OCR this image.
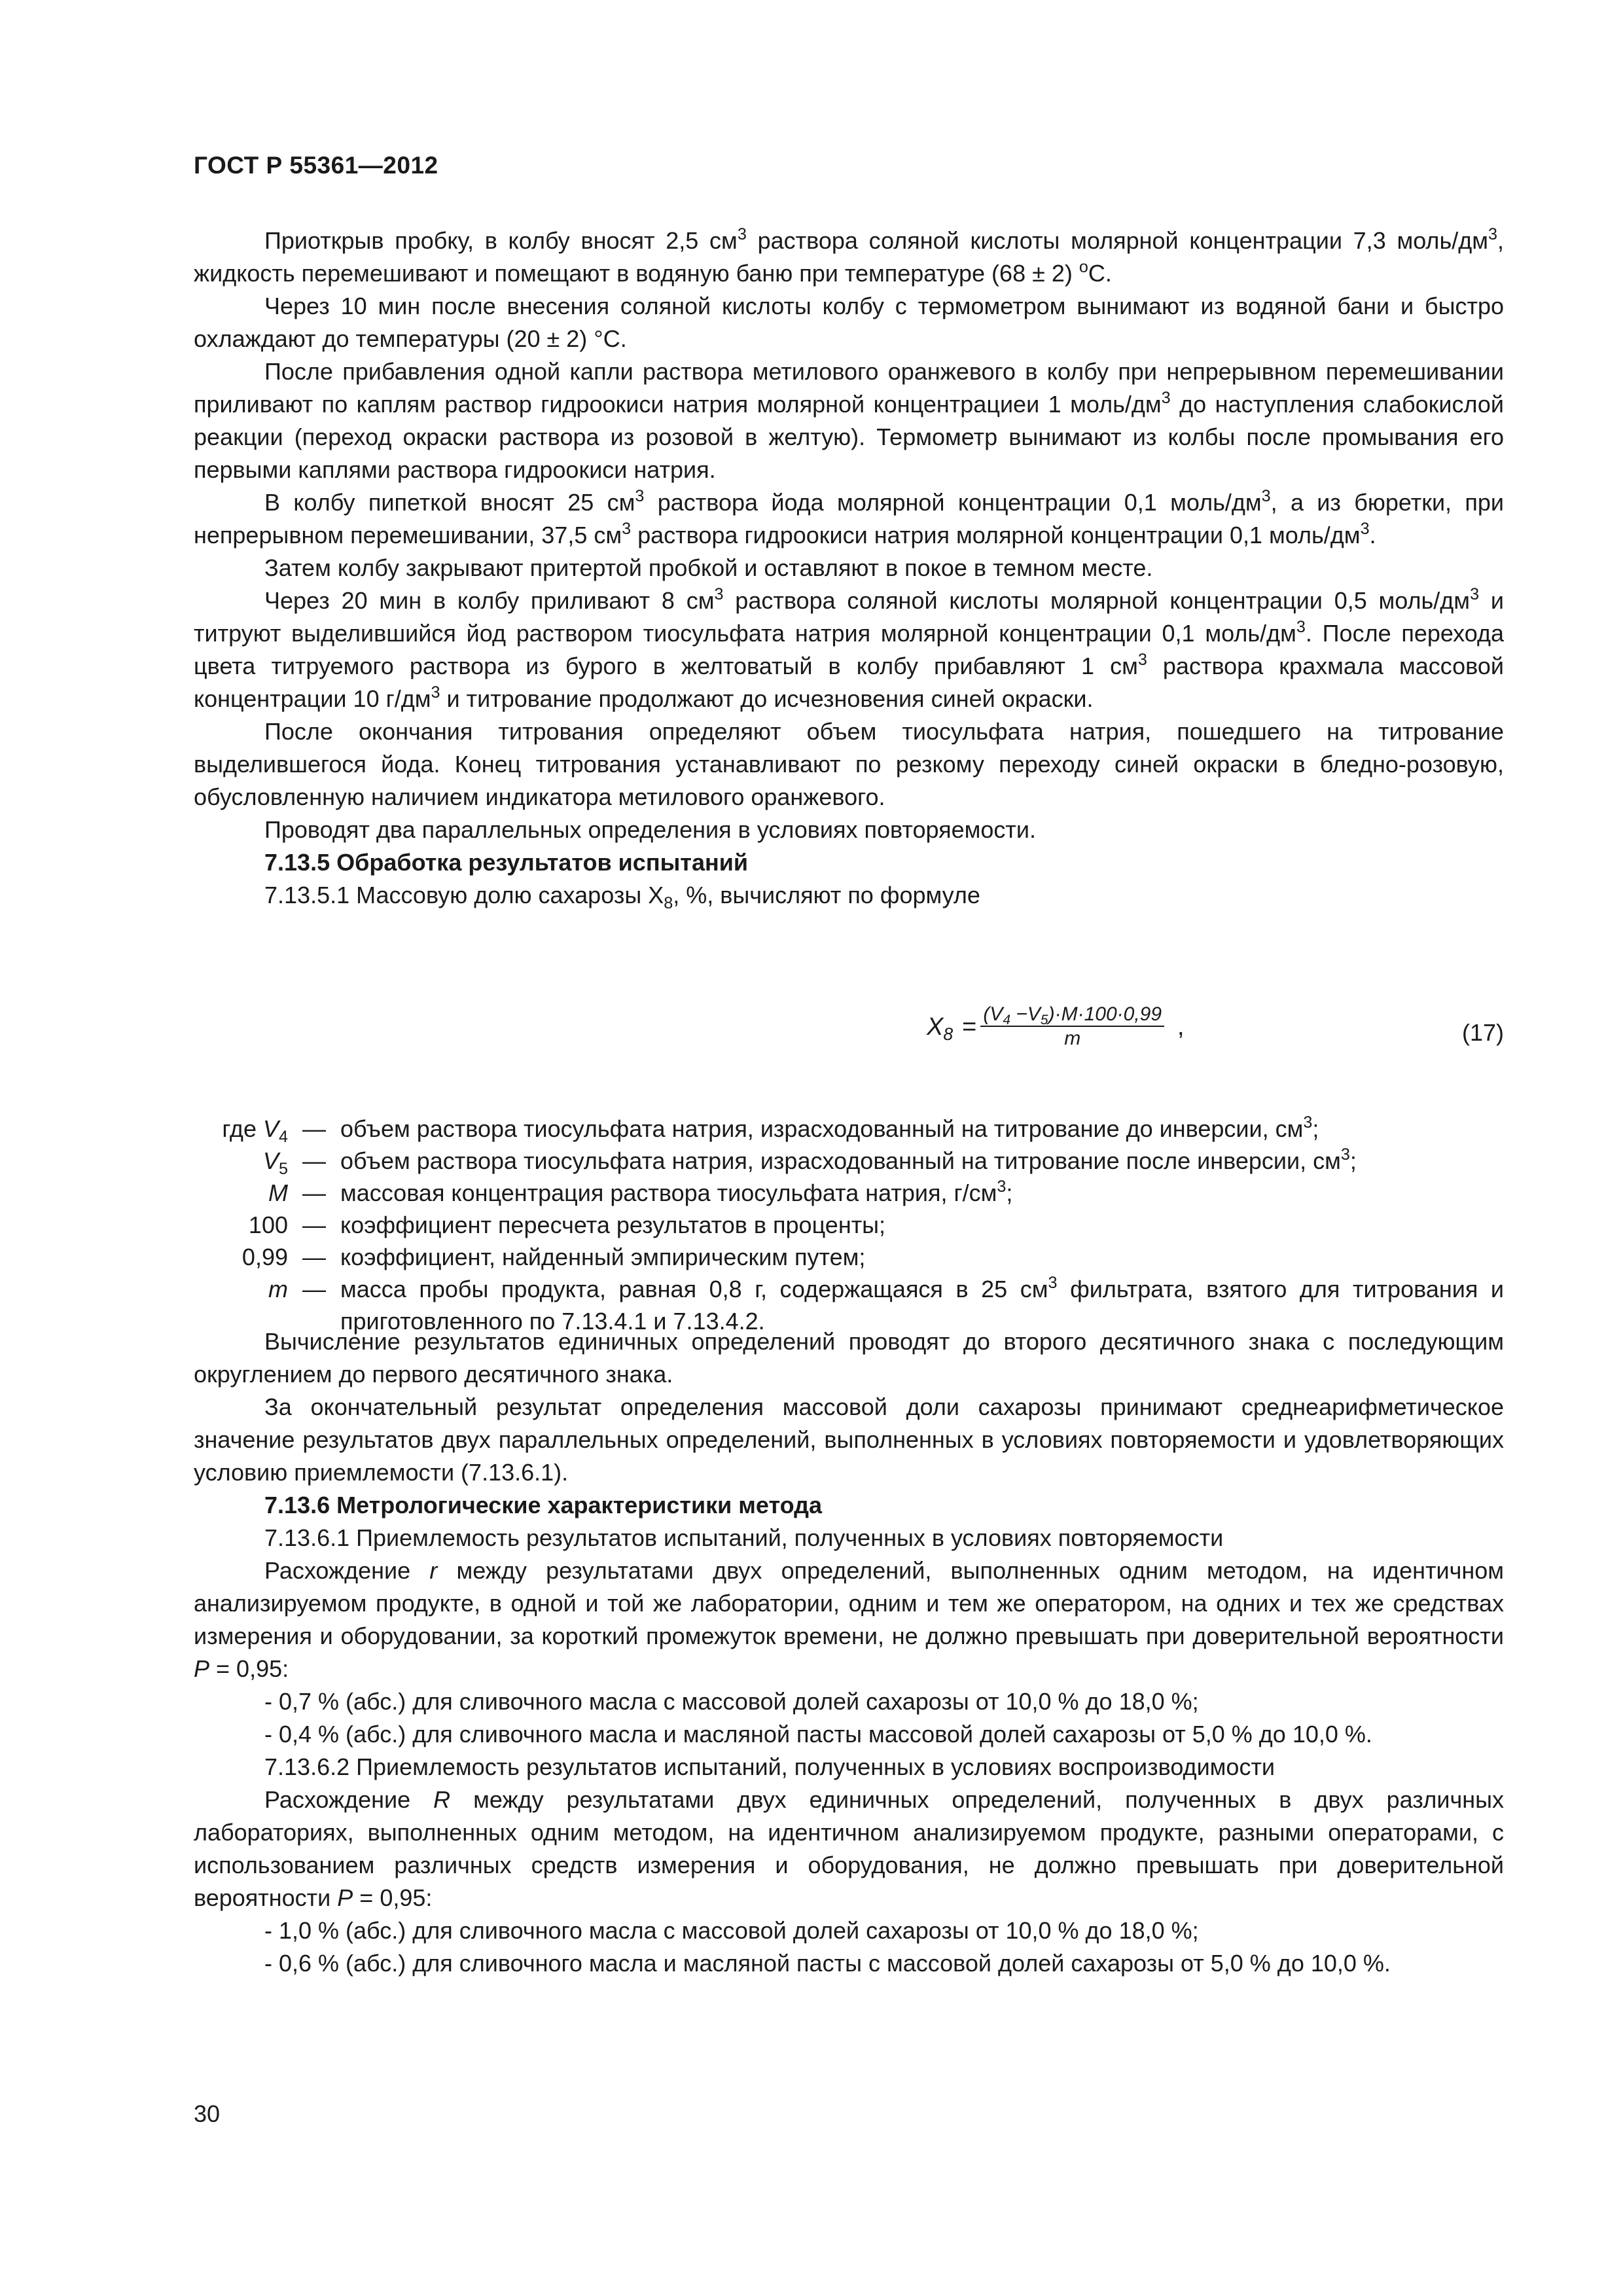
ГОСТ Р 55361—2012

Приоткрыв пробку, в колбу вносят 2,5 $см^3$ раствора соляной кислоты молярной концентрации 7,3 моль/$дм^3$, жидкость перемешивают и помещают в водяную баню при температуре (68 ± 2) $^о$С.

Через 10 мин после внесения соляной кислоты колбу с термометром вынимают из водяной бани и быстро охлаждают до температуры (20 ± 2) °С.

После прибавления одной капли раствора метилового оранжевого в колбу при непрерывном перемешивании приливают по каплям раствор гидроокиси натрия молярной концентрациеи 1 моль/$дм^3$ до наступления слабокислой реакции (переход окраски раствора из розовой в желтую). Термометр вынимают из колбы после промывания его первыми каплями раствора гидроокиси натрия.

В колбу пипеткой вносят 25 $см^3$ раствора йода молярной концентрации 0,1 моль/$дм^3$, а из бюретки, при непрерывном перемешивании, 37,5 $см^3$ раствора гидроокиси натрия молярной концентрации 0,1 моль/$дм^3$.

Затем колбу закрывают притертой пробкой и оставляют в покое в темном месте.

Через 20 мин в колбу приливают 8 $см^3$ раствора соляной кислоты молярной концентрации 0,5 моль/$дм^3$ и титруют выделившийся йод раствором тиосульфата натрия молярной концентрации 0,1 моль/$дм^3$. После перехода цвета титруемого раствора из бурого в желтоватый в колбу прибавляют 1 $см^3$ раствора крахмала массовой концентрации 10 $г/дм^3$ и титрование продолжают до исчезновения синей окраски.

После окончания титрования определяют объем тиосульфата натрия, пошедшего на титрование выделившегося йода. Конец титрования устанавливают по резкому переходу синей окраски в бледно-розовую, обусловленную наличием индикатора метилового оранжевого.

Проводят два параллельных определения в условиях повторяемости.

7.13.5 Обработка результатов испытаний

7.13.5.1 Массовую долю сахарозы $Х_8$, %, вычисляют по формуле

$X_8 = \frac{(V_4 -V_5)\cdot M\cdot 100\cdot 0,99}{m}$ ,	(17)
где $V_4$ — объем раствора тиосульфата натрия, израсходованный на титрование до инверсии, $см^3$;
$V_5$ — объем раствора тиосульфата натрия, израсходованный на титрование после инверсии, $см^3$;
M — массовая концентрация раствора тиосульфата натрия, $г/см^3$;
100 — коэффициент пересчета результатов в проценты;
0,99 — коэффициент, найденный эмпирическим путем;
m — масса пробы продукта, равная 0,8 г, содержащаяся в 25 $см^3$ фильтрата, взятого для титрования и приготовленного по 7.13.4.1 и 7.13.4.2.

Вычисление результатов единичных определений проводят до второго десятичного знака с последующим округлением до первого десятичного знака.

За окончательный результат определения массовой доли сахарозы принимают среднеарифметическое значение результатов двух параллельных определений, выполненных в условиях повторяемости и удовлетворяющих условию приемлемости (7.13.6.1).

7.13.6 Метрологические характеристики метода

7.13.6.1 Приемлемость результатов испытаний, полученных в условиях повторяемости

Расхождение r между результатами двух определений, выполненных одним методом, на идентичном анализируемом продукте, в одной и той же лаборатории, одним и тем же оператором, на одних и тех же средствах измерения и оборудовании, за короткий промежуток времени, не должно превышать при доверительной вероятности Р = 0,95:

- 0,7 % (абс.) для сливочного масла с массовой долей сахарозы от 10,0 % до 18,0 %;

- 0,4 % (абс.) для сливочного масла и масляной пасты массовой долей сахарозы от 5,0 % до 10,0 %.

7.13.6.2 Приемлемость результатов испытаний, полученных в условиях воспроизводимости

Расхождение R между результатами двух единичных определений, полученных в двух различных лабораториях, выполненных одним методом, на идентичном анализируемом продукте, разными операторами, с использованием различных средств измерения и оборудования, не должно превышать при доверительной вероятности Р = 0,95:

- 1,0 % (абс.) для сливочного масла с массовой долей сахарозы от 10,0 % до 18,0 %;

- 0,6 % (абс.) для сливочного масла и масляной пасты с массовой долей сахарозы от 5,0 % до 10,0 %.

30
